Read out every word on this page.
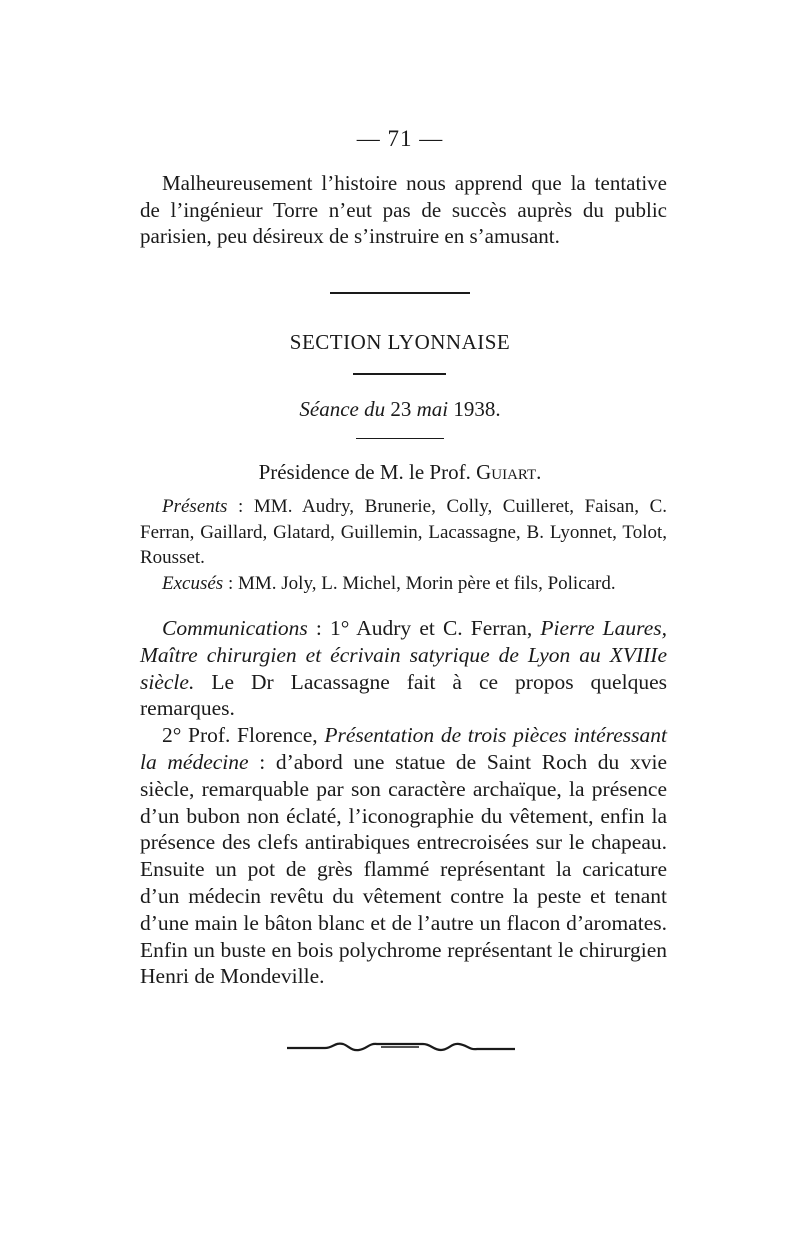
— 71 —

Malheureusement l’histoire nous apprend que la tentative de l’ingénieur Torre n’eut pas de succès auprès du public parisien, peu désireux de s’instruire en s’amusant.

SECTION LYONNAISE
Séance du 23 mai 1938.
Présidence de M. le Prof. Guiart.

Présents : MM. Audry, Brunerie, Colly, Cuilleret, Faisan, C. Ferran, Gaillard, Glatard, Guillemin, Lacassagne, B. Lyonnet, Tolot, Rousset.

Excusés : MM. Joly, L. Michel, Morin père et fils, Policard.

Communications : 1° Audry et C. Ferran, Pierre Laures, Maître chirurgien et écrivain satyrique de Lyon au XVIIIe siècle. Le Dr Lacassagne fait à ce propos quelques remarques.

2° Prof. Florence, Présentation de trois pièces intéressant la médecine : d’abord une statue de Saint Roch du xvie siècle, remarquable par son caractère archaïque, la présence d’un bubon non éclaté, l’iconographie du vêtement, enfin la présence des clefs antirabiques entrecroisées sur le chapeau. Ensuite un pot de grès flammé représentant la caricature d’un médecin revêtu du vêtement contre la peste et tenant d’une main le bâton blanc et de l’autre un flacon d’aromates. Enfin un buste en bois polychrome représentant le chirurgien Henri de Mondeville.
